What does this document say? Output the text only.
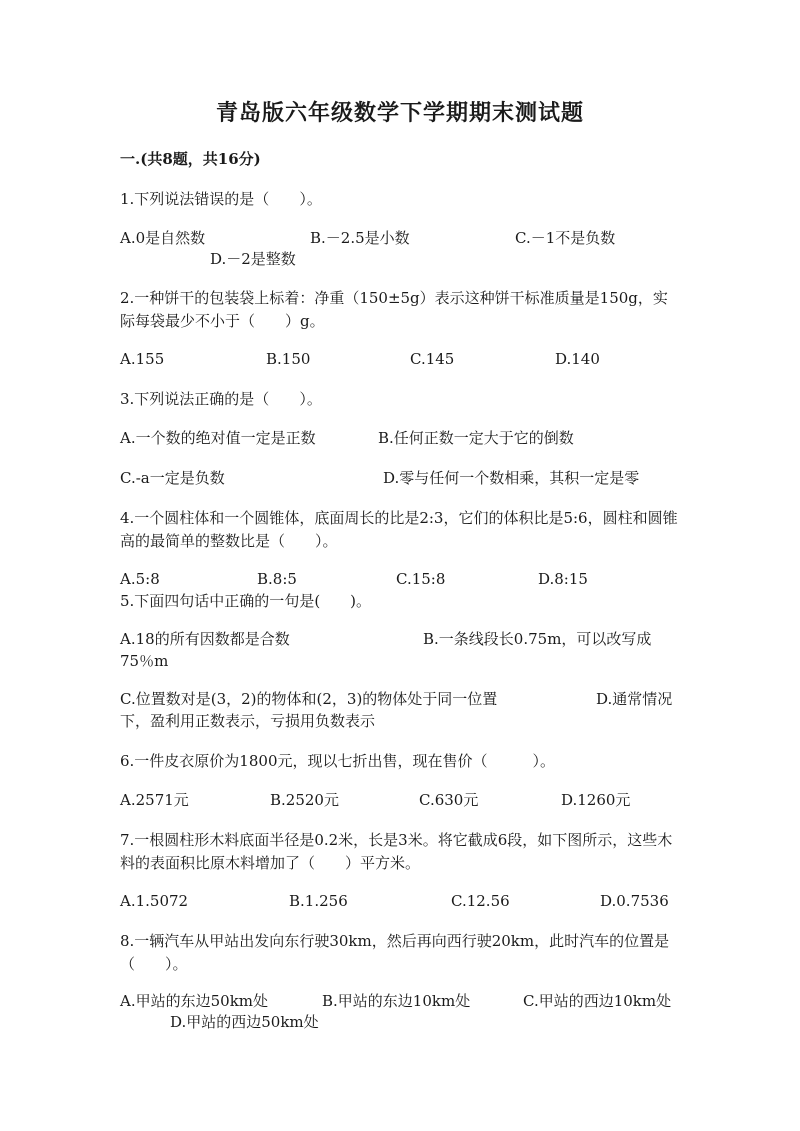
青岛版六年级数学下学期期末测试题
一.(共8题，共16分)
1.下列说法错误的是（　　）。
A.0是自然数	B.－2.5是小数	C.－1不是负数
D.－2是整数
2.一种饼干的包装袋上标着：净重（150±5g）表示这种饼干标准质量是150g，实际每袋最少不小于（　　）g。
A.155	B.150	C.145	D.140
3.下列说法正确的是（　　）。
A.一个数的绝对值一定是正数	B.任何正数一定大于它的倒数
C.-a一定是负数	D.零与任何一个数相乘，其积一定是零
4.一个圆柱体和一个圆锥体，底面周长的比是2:3，它们的体积比是5:6，圆柱和圆锥高的最简单的整数比是（　　）。
A.5:8	B.8:5	C.15:8	D.8:15
5.下面四句话中正确的一句是(　　)。
A.18的所有因数都是合数	B.一条线段长0.75m，可以改写成
75％m
C.位置数对是(3，2)的物体和(2，3)的物体处于同一位置	D.通常情况
下，盈利用正数表示，亏损用负数表示
6.一件皮衣原价为1800元，现以七折出售，现在售价（　　　）。
A.2571元	B.2520元	C.630元	D.1260元
7.一根圆柱形木料底面半径是0.2米，长是3米。将它截成6段，如下图所示，这些木料的表面积比原木料增加了（　　）平方米。
A.1.5072	B.1.256	C.12.56	D.0.7536
8.一辆汽车从甲站出发向东行驶30km，然后再向西行驶20km，此时汽车的位置是（　　）。
A.甲站的东边50km处	B.甲站的东边10km处	C.甲站的西边10km处
D.甲站的西边50km处
